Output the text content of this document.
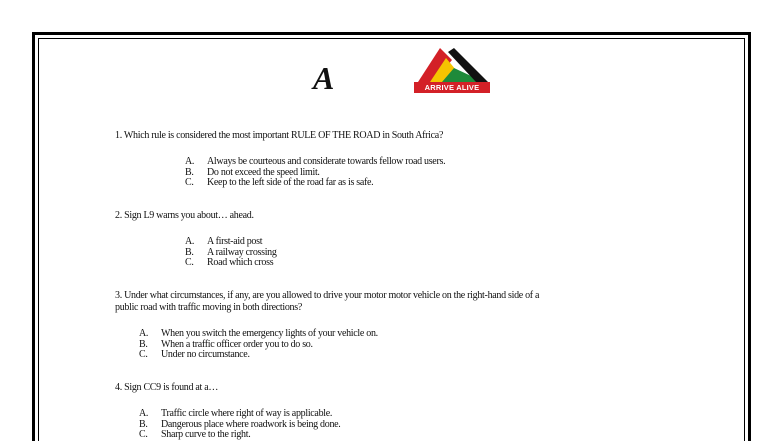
A	ARRIVE ALIVE

1. Which rule is considered the most important RULE OF THE ROAD in South Africa?

A.	Always be courteous and considerate towards fellow road users.
B.	Do not exceed the speed limit.
C.	Keep to the left side of the road far as is safe.

2. Sign L9 warns you about… ahead.

A.	A first-aid post
B.	A railway crossing
C.	Road which cross

3. Under what circumstances, if any, are you allowed to drive your motor motor vehicle on the right-hand side of a

public road with traffic moving in both directions?

A.	When you switch the emergency lights of your vehicle on.
B.	When a traffic officer order you to do so.
C.	Under no circumstance.

4. Sign CC9 is found at a…

A.	Traffic circle where right of way is applicable.
B.	Dangerous place where roadwork is being done.
C.	Sharp curve to the right.
